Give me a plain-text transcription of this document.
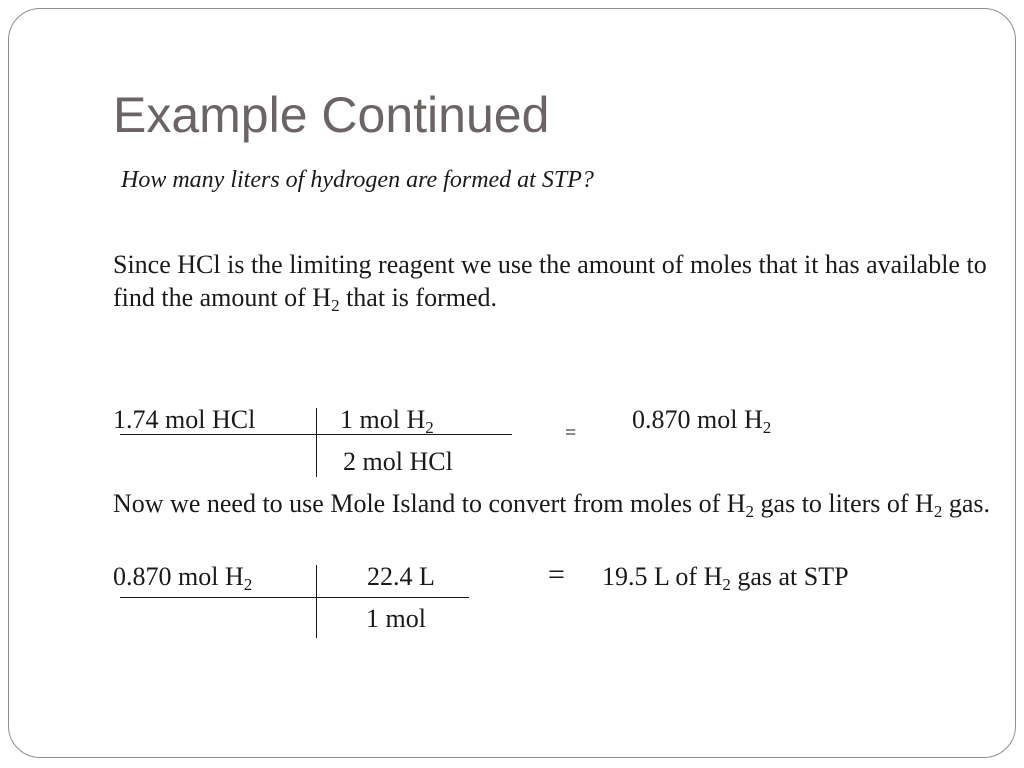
Example Continued
How many liters of hydrogen are formed at STP?
Since HCl is the limiting reagent we use the amount of moles that it has available to find the amount of $H_2$ that is formed.
1.74 mol HCl	1 mol $H_2$
2 mol HCl
= 0.870 mol $H_2$
Now we need to use Mole Island to convert from moles of $H_2$ gas to liters of $H_2$ gas.
0.870 mol $H_2$	22.4 L
1 mol
= 19.5 L of $H_2$ gas at STP
